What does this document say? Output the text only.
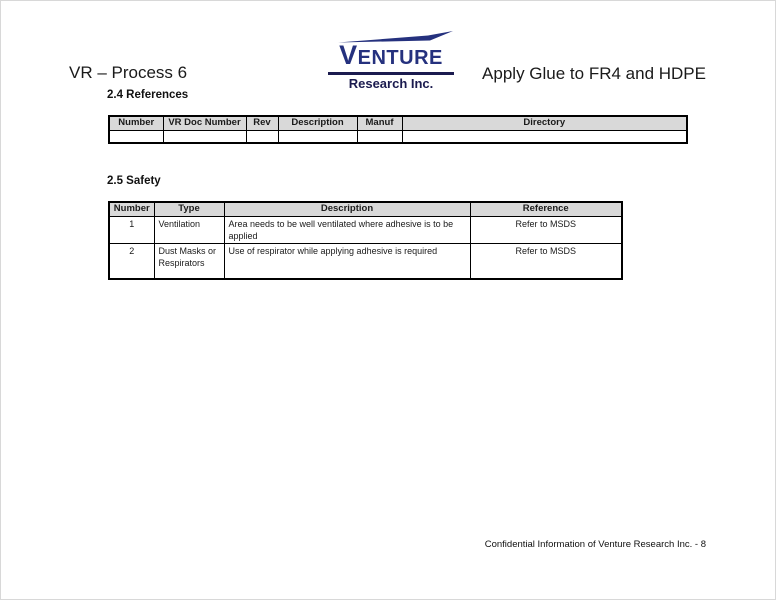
VENTURE
Research Inc.
VR – Process 6	Apply Glue to FR4 and HDPE
2.4 References
Number	VR Doc Number	Rev	Description	Manuf	Directory

2.5 Safety
Number	Type	Description	Reference
1	Ventilation	Area needs to be well ventilated where adhesive is to be applied	Refer to MSDS
2	Dust Masks or Respirators	Use of respirator while applying adhesive is required	Refer to MSDS
Confidential Information of Venture Research Inc. - 8
